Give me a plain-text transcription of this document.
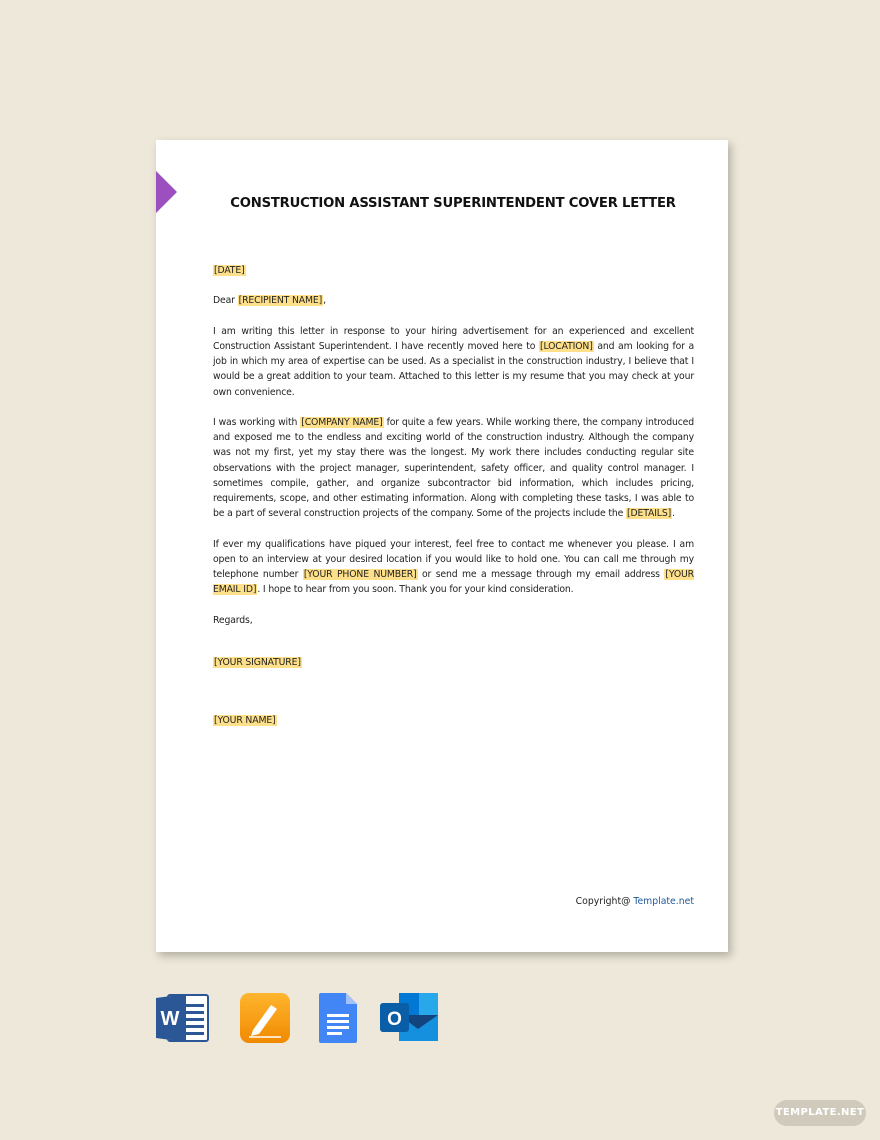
CONSTRUCTION ASSISTANT SUPERINTENDENT COVER LETTER

[DATE]

Dear [RECIPIENT NAME],

I am writing this letter in response to your hiring advertisement for an experienced and excellent Construction Assistant Superintendent. I have recently moved here to [LOCATION] and am looking for a job in which my area of expertise can be used. As a specialist in the construction industry, I believe that I would be a great addition to your team. Attached to this letter is my resume that you may check at your own convenience.

I was working with [COMPANY NAME] for quite a few years. While working there, the company introduced and exposed me to the endless and exciting world of the construction industry. Although the company was not my first, yet my stay there was the longest. My work there includes conducting regular site observations with the project manager, superintendent, safety officer, and quality control manager. I sometimes compile, gather, and organize subcontractor bid information, which includes pricing, requirements, scope, and other estimating information. Along with completing these tasks, I was able to be a part of several construction projects of the company. Some of the projects include the [DETAILS].

If ever my qualifications have piqued your interest, feel free to contact me whenever you please. I am open to an interview at your desired location if you would like to hold one. You can call me through my telephone number [YOUR PHONE NUMBER] or send me a message through my email address [YOUR EMAIL ID]. I hope to hear from you soon. Thank you for your kind consideration.

Regards,
[YOUR SIGNATURE]
[YOUR NAME]
Copyright@ Template.net
W	O
TEMPLATE.NET
